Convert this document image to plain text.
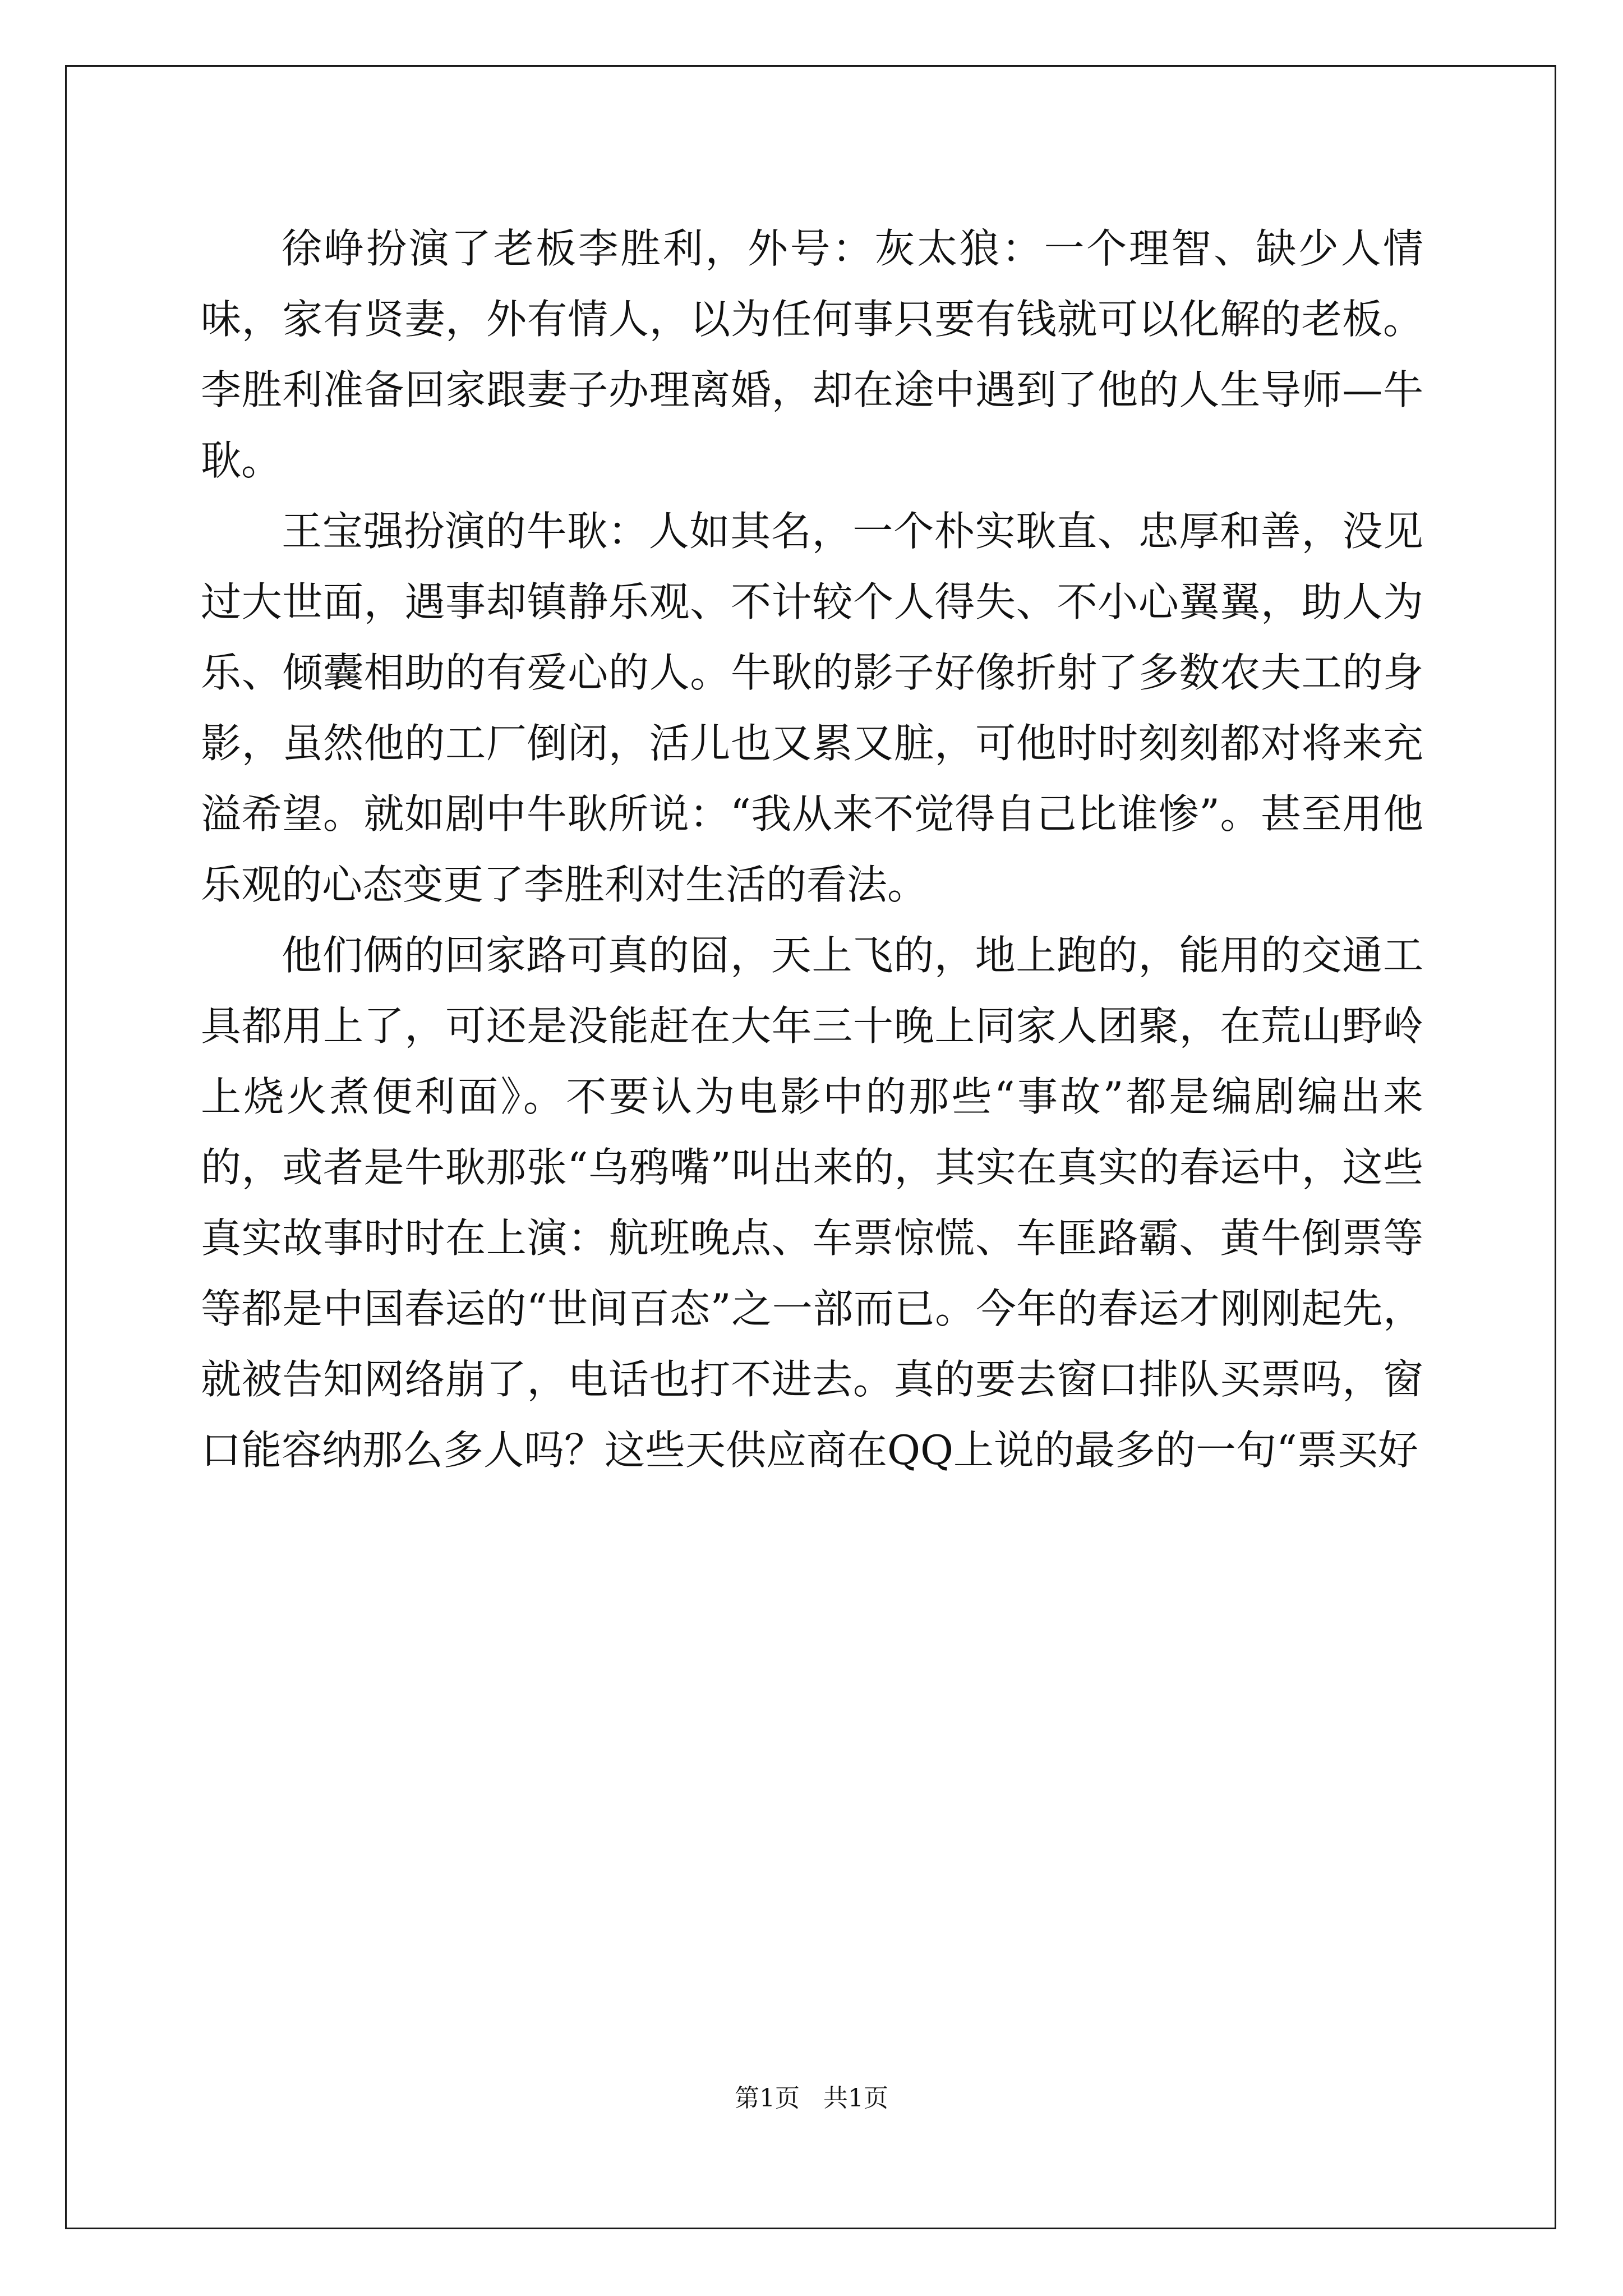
徐峥扮演了老板李胜利，外号：灰太狼：一个理智、缺少人情味，家有贤妻，外有情人，以为任何事只要有钱就可以化解的老板。李胜利准备回家跟妻子办理离婚，却在途中遇到了他的人生导师—牛耿。

王宝强扮演的牛耿：人如其名，一个朴实耿直、忠厚和善，没见过大世面，遇事却镇静乐观、不计较个人得失、不小心翼翼，助人为乐、倾囊相助的有爱心的人。牛耿的影子好像折射了多数农夫工的身影，虽然他的工厂倒闭，活儿也又累又脏，可他时时刻刻都对将来充溢希望。就如剧中牛耿所说：“我从来不觉得自己比谁惨”。甚至用他乐观的心态变更了李胜利对生活的看法。

他们俩的回家路可真的囧，天上飞的，地上跑的，能用的交通工具都用上了，可还是没能赶在大年三十晚上同家人团聚，在荒山野岭上烧火煮便利面》。不要认为电影中的那些“事故”都是编剧编出来的，或者是牛耿那张“乌鸦嘴”叫出来的，其实在真实的春运中，这些真实故事时时在上演：航班晚点、车票惊慌、车匪路霸、黄牛倒票等等都是中国春运的“世间百态”之一部而已。今年的春运才刚刚起先，就被告知网络崩了，电话也打不进去。真的要去窗口排队买票吗，窗口能容纳那么多人吗？这些天供应商在QQ上说的最多的一句“票买好

第1页   共1页
